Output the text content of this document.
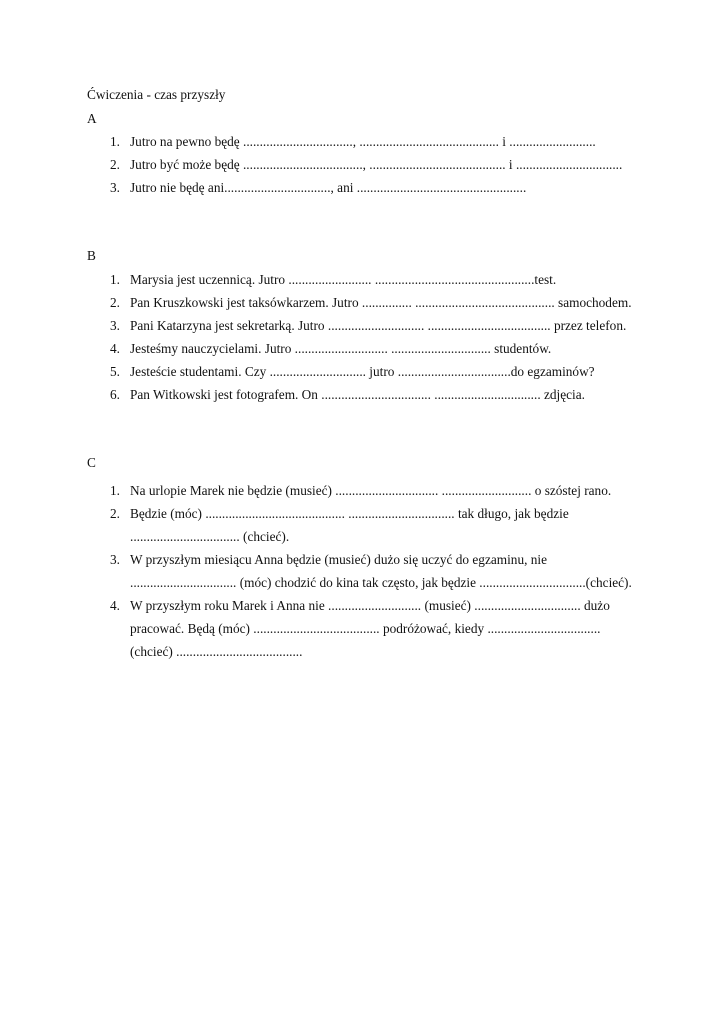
Ćwiczenia - czas przyszły
A
1. Jutro na pewno będę ................................., .......................................... i ..........................
2. Jutro być może będę ...................................., ......................................... i ................................
3. Jutro nie będę ani................................, ani ...................................................
B
1. Marysia jest uczennicą. Jutro ......................... ................................................test.
2. Pan Kruszkowski jest taksówkarzem. Jutro ............... .......................................... samochodem.
3. Pani Katarzyna jest sekretarką. Jutro ............................. ..................................... przez telefon.
4. Jesteśmy nauczycielami. Jutro ............................ .............................. studentów.
5. Jesteście studentami. Czy ............................. jutro ..................................do egzaminów?
6. Pan Witkowski jest fotografem. On ................................. ................................ zdjęcia.
C
1. Na urlopie Marek nie będzie (musieć) ............................... ........................... o szóstej rano.
2. Będzie (móc) .......................................... ................................ tak długo, jak będzie
................................. (chcieć).
3. W przyszłym miesiącu Anna będzie (musieć) dużo się uczyć do egzaminu, nie
................................ (móc) chodzić do kina tak często, jak będzie ................................(chcieć).
4. W przyszłym roku Marek i Anna nie ............................ (musieć) ................................ dużo
pracować. Będą (móc) ...................................... podróżować, kiedy ..................................
(chcieć) ......................................
